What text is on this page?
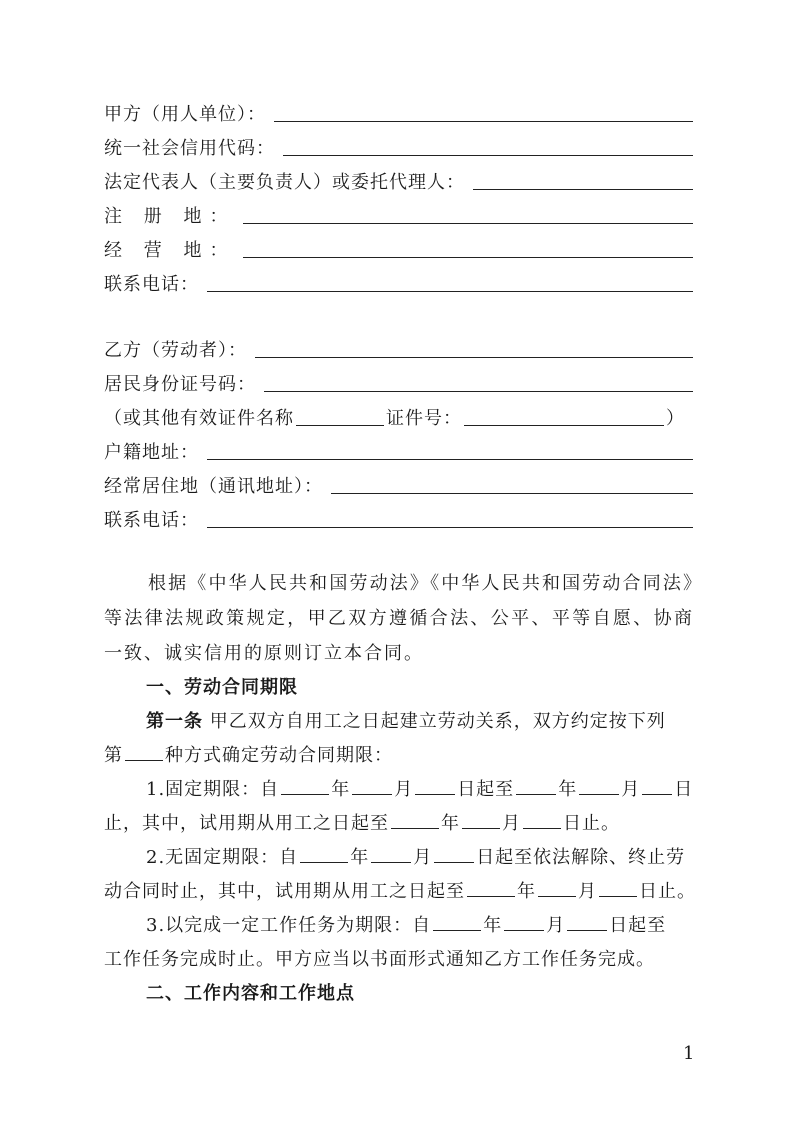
甲方（用人单位）：
统一社会信用代码：
法定代表人（主要负责人）或委托代理人：
注 册 地：
经 营 地：
联系电话：
乙方（劳动者）：
居民身份证号码：
（或其他有效证件名称	证件号：	）
户籍地址：
经常居住地（通讯地址）：
联系电话：
根据《中华人民共和国劳动法》《中华人民共和国劳动合同法》等法律法规政策规定，甲乙双方遵循合法、公平、平等自愿、协商一致、诚实信用的原则订立本合同。
一、劳动合同期限
第一条 甲乙双方自用工之日起建立劳动关系，双方约定按下列
第 种方式确定劳动合同期限：
1.固定期限：自	年 月 日起至 年 月 日
止，其中，试用期从用工之日起至	年 月 日止。
2.无固定期限：自	年 月 日起至依法解除、终止劳
动合同时止，其中，试用期从用工之日起至	年 月 日止。
3.以完成一定工作任务为期限：自	年 月 日起至
工作任务完成时止。甲方应当以书面形式通知乙方工作任务完成。
二、工作内容和工作地点
1
